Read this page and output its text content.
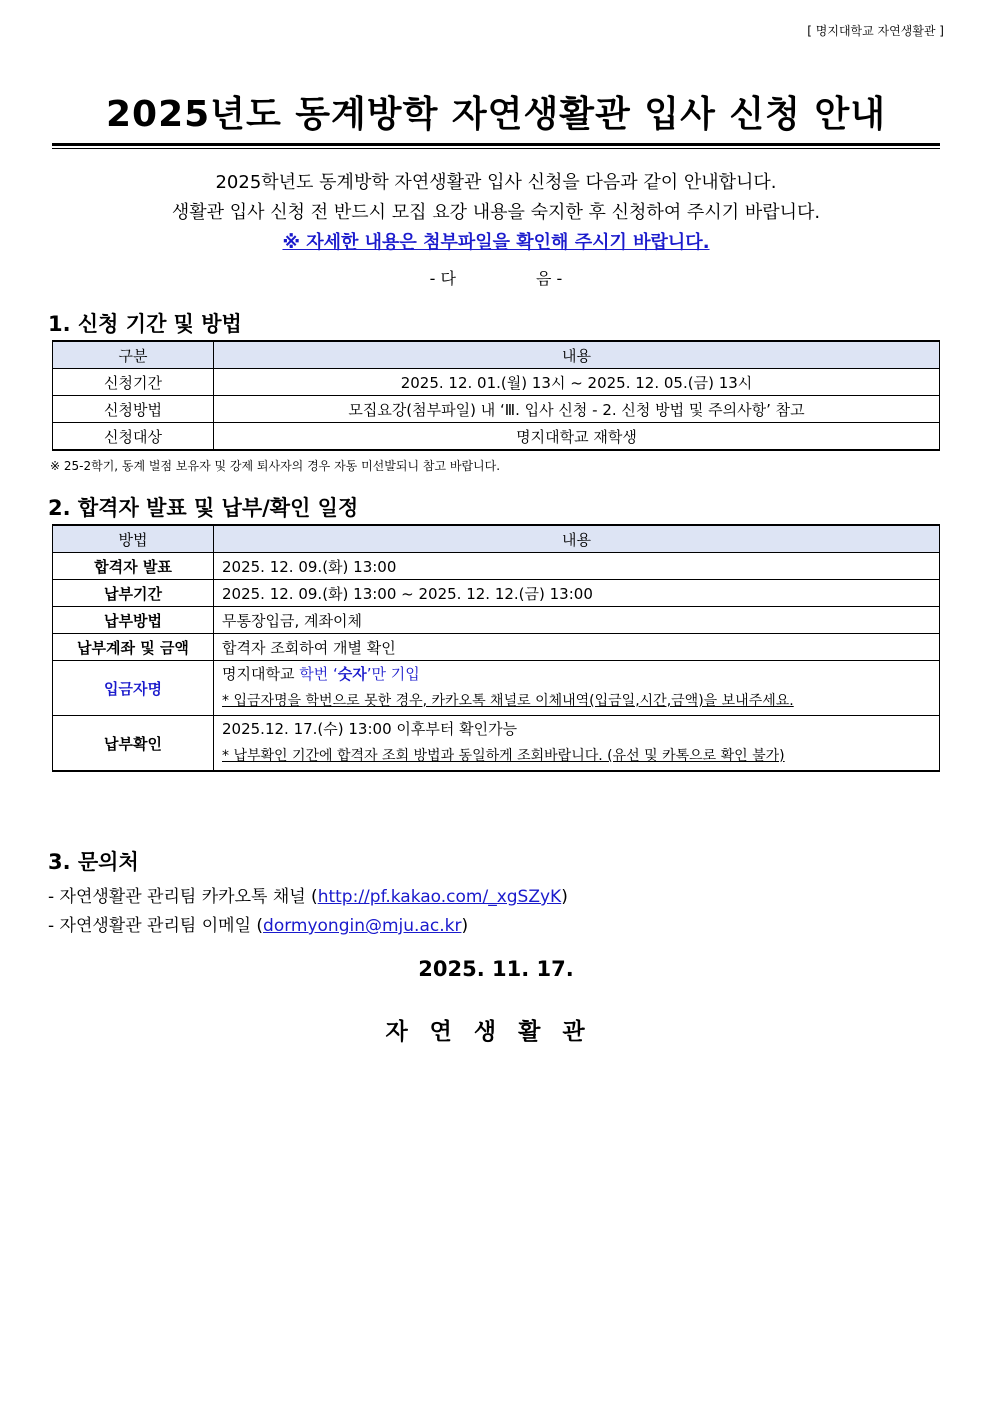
[ 명지대학교 자연생활관 ]
2025년도 동계방학 자연생활관 입사 신청 안내
2025학년도 동계방학 자연생활관 입사 신청을 다음과 같이 안내합니다.
생활관 입사 신청 전 반드시 모집 요강 내용을 숙지한 후 신청하여 주시기 바랍니다.
※ 자세한 내용은 첨부파일을 확인해 주시기 바랍니다.
- 다	음 -
1. 신청 기간 및 방법
구분	내용
신청기간	2025. 12. 01.(월) 13시 ~ 2025. 12. 05.(금) 13시
신청방법	모집요강(첨부파일) 내 ‘Ⅲ. 입사 신청 - 2. 신청 방법 및 주의사항’ 참고
신청대상	명지대학교 재학생
※ 25-2학기, 동계 벌점 보유자 및 강제 퇴사자의 경우 자동 미선발되니 참고 바랍니다.
2. 합격자 발표 및 납부/확인 일정
방법	내용
합격자 발표	2025. 12. 09.(화) 13:00
납부기간	2025. 12. 09.(화) 13:00 ~ 2025. 12. 12.(금) 13:00
납부방법	무통장입금, 계좌이체
납부계좌 및 금액	합격자 조회하여 개별 확인
입금자명	명지대학교 학번 ‘숫자’만 기입
* 입금자명을 학번으로 못한 경우, 카카오톡 채널로 이체내역(입금일,시간,금액)을 보내주세요.

납부확인	2025.12. 17.(수) 13:00 이후부터 확인가능
* 납부확인 기간에 합격자 조회 방법과 동일하게 조회바랍니다. (유선 및 카톡으로 확인 불가)
3. 문의처
- 자연생활관 관리팀 카카오톡 채널 (http://pf.kakao.com/_xgSZyK)
- 자연생활관 관리팀 이메일 (dormyongin@mju.ac.kr)
2025. 11. 17.
자연생활관
